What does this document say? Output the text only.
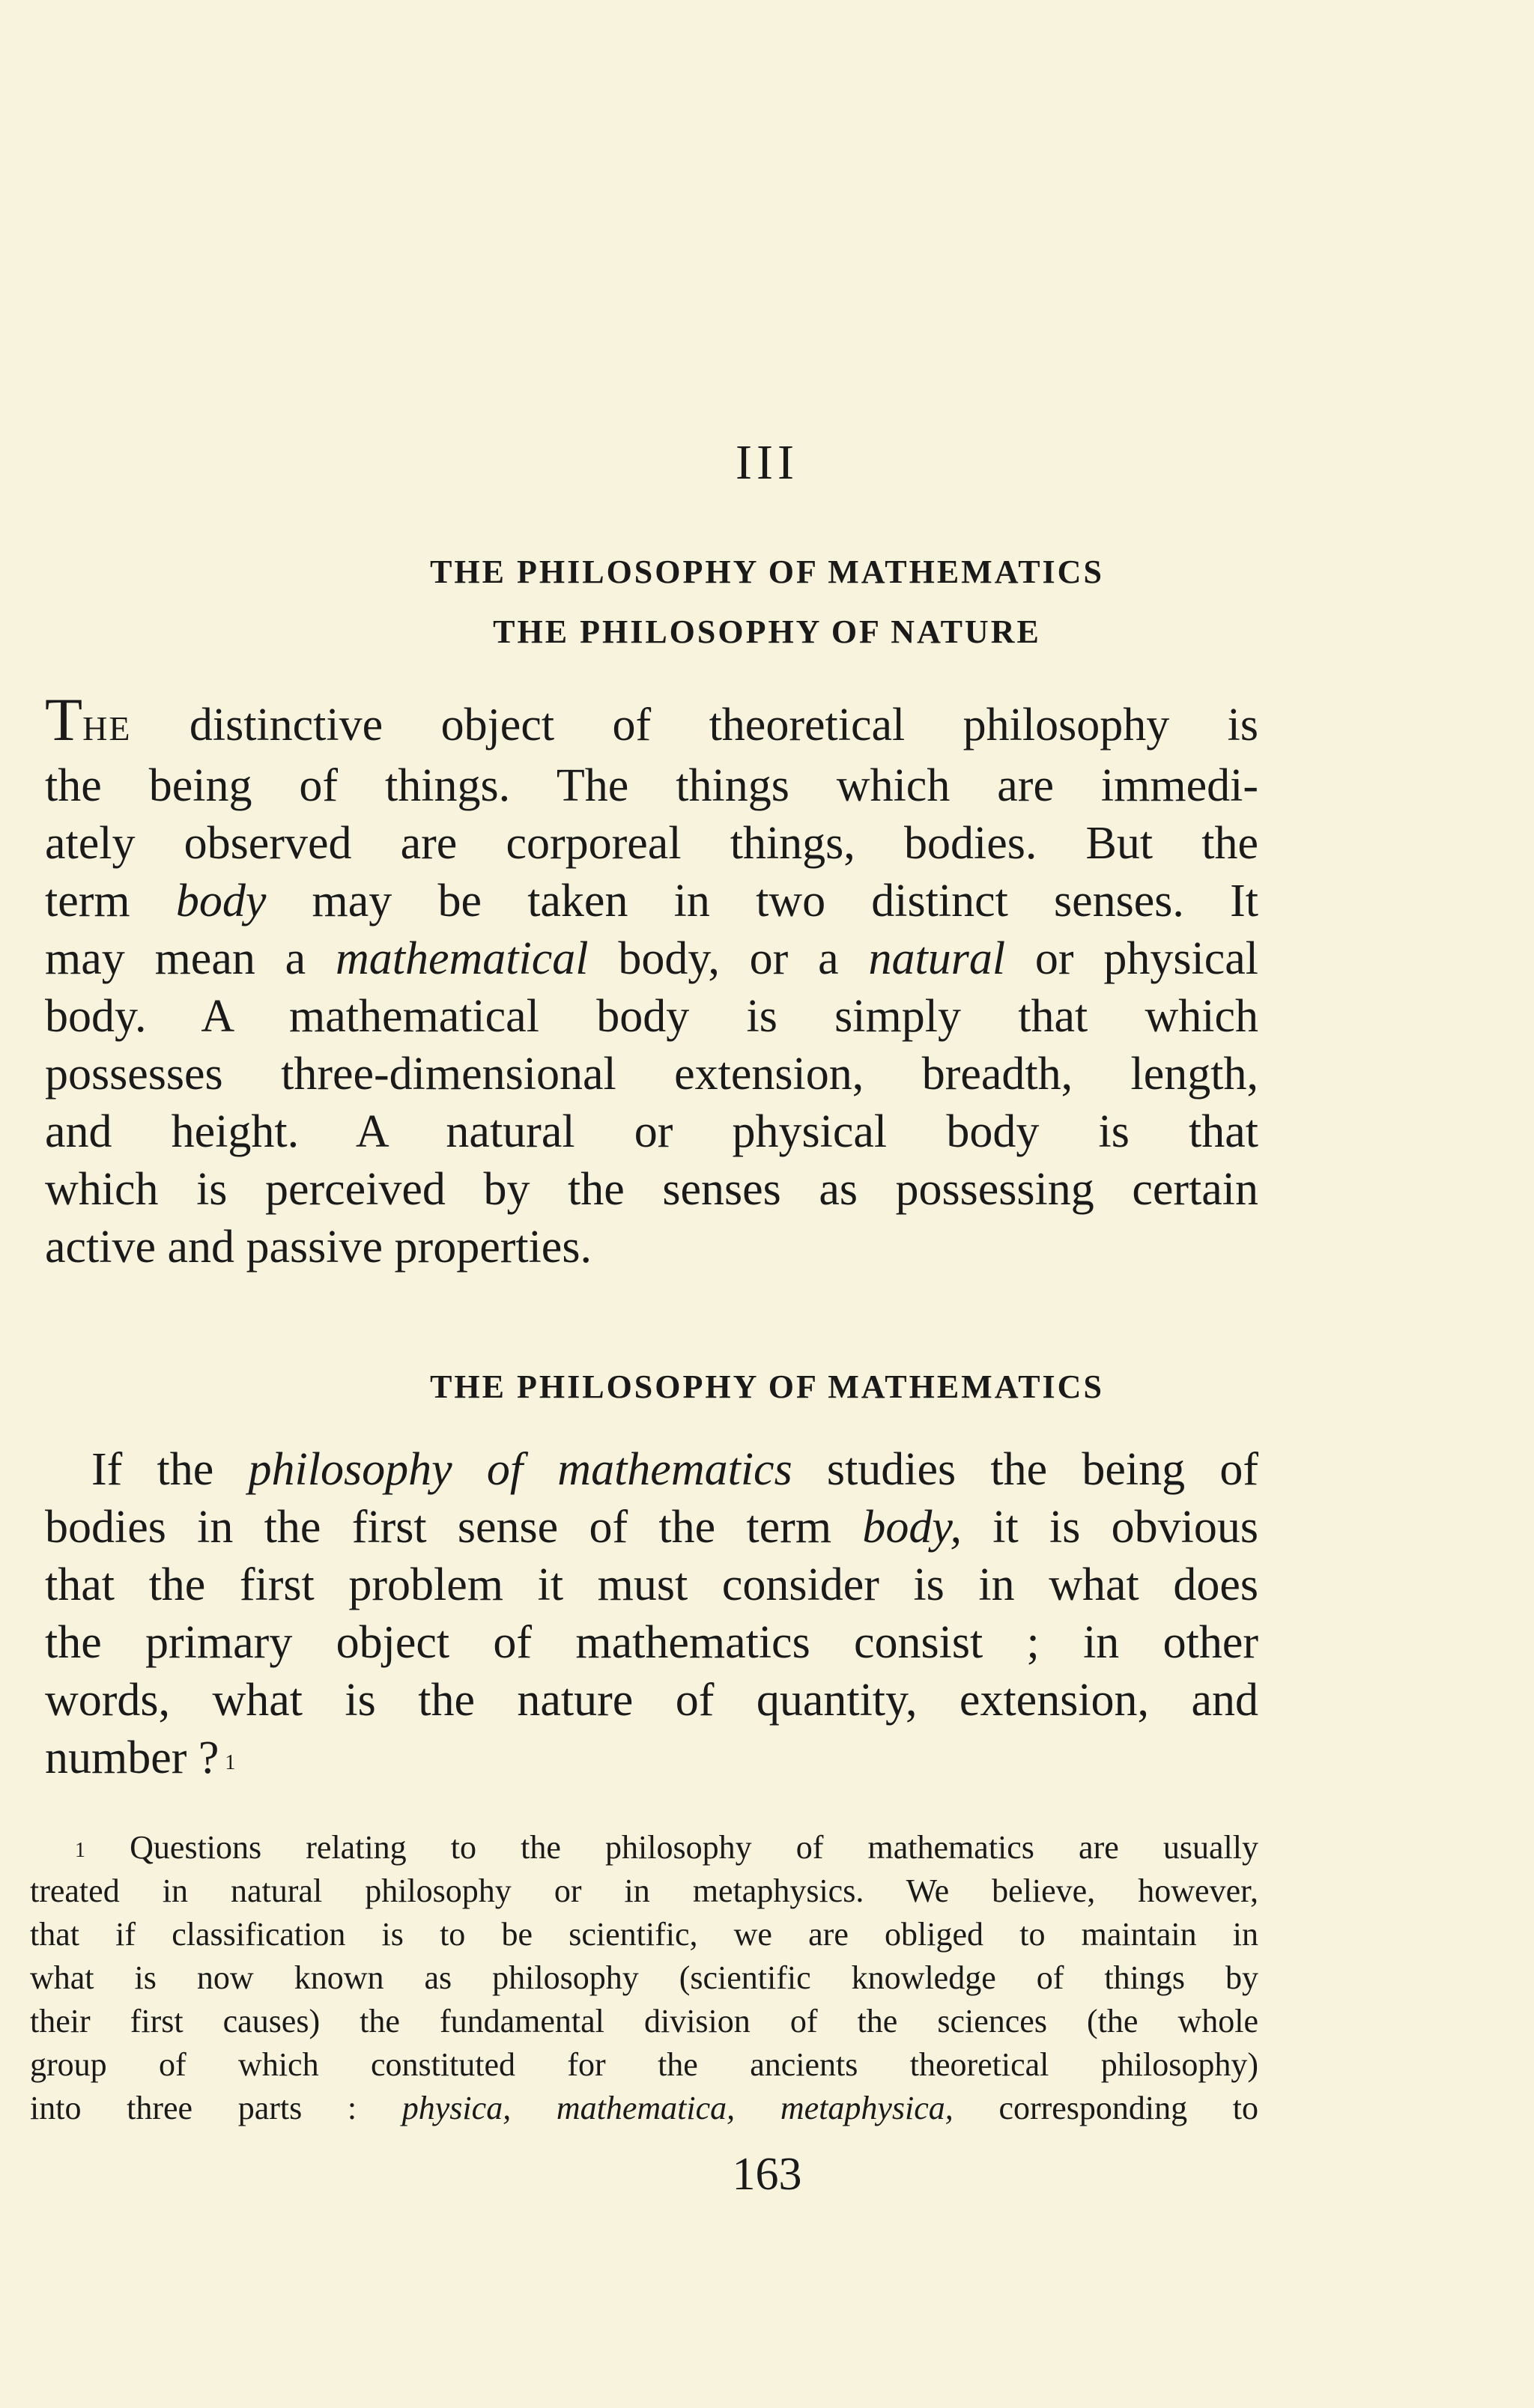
III
THE PHILOSOPHY OF MATHEMATICS
THE PHILOSOPHY OF NATURE
THE distinctive object of theoretical philosophy is
the being of things. The things which are immedi-
ately observed are corporeal things, bodies. But the
term body may be taken in two distinct senses. It
may mean a mathematical body, or a natural or physical
body. A mathematical body is simply that which
possesses three-dimensional extension, breadth, length,
and height. A natural or physical body is that
which is perceived by the senses as possessing certain
active and passive properties.
THE PHILOSOPHY OF MATHEMATICS
If the philosophy of mathematics studies the being of
bodies in the first sense of the term body, it is obvious
that the first problem it must consider is in what does
the primary object of mathematics consist ; in other
words, what is the nature of quantity, extension, and
number ? $^1$
$^1$ Questions relating to the philosophy of mathematics are usually
treated in natural philosophy or in metaphysics. We believe, however,
that if classification is to be scientific, we are obliged to maintain in
what is now known as philosophy (scientific knowledge of things by
their first causes) the fundamental division of the sciences (the whole
group of which constituted for the ancients theoretical philosophy)
into three parts : physica, mathematica, metaphysica, corresponding to
163
